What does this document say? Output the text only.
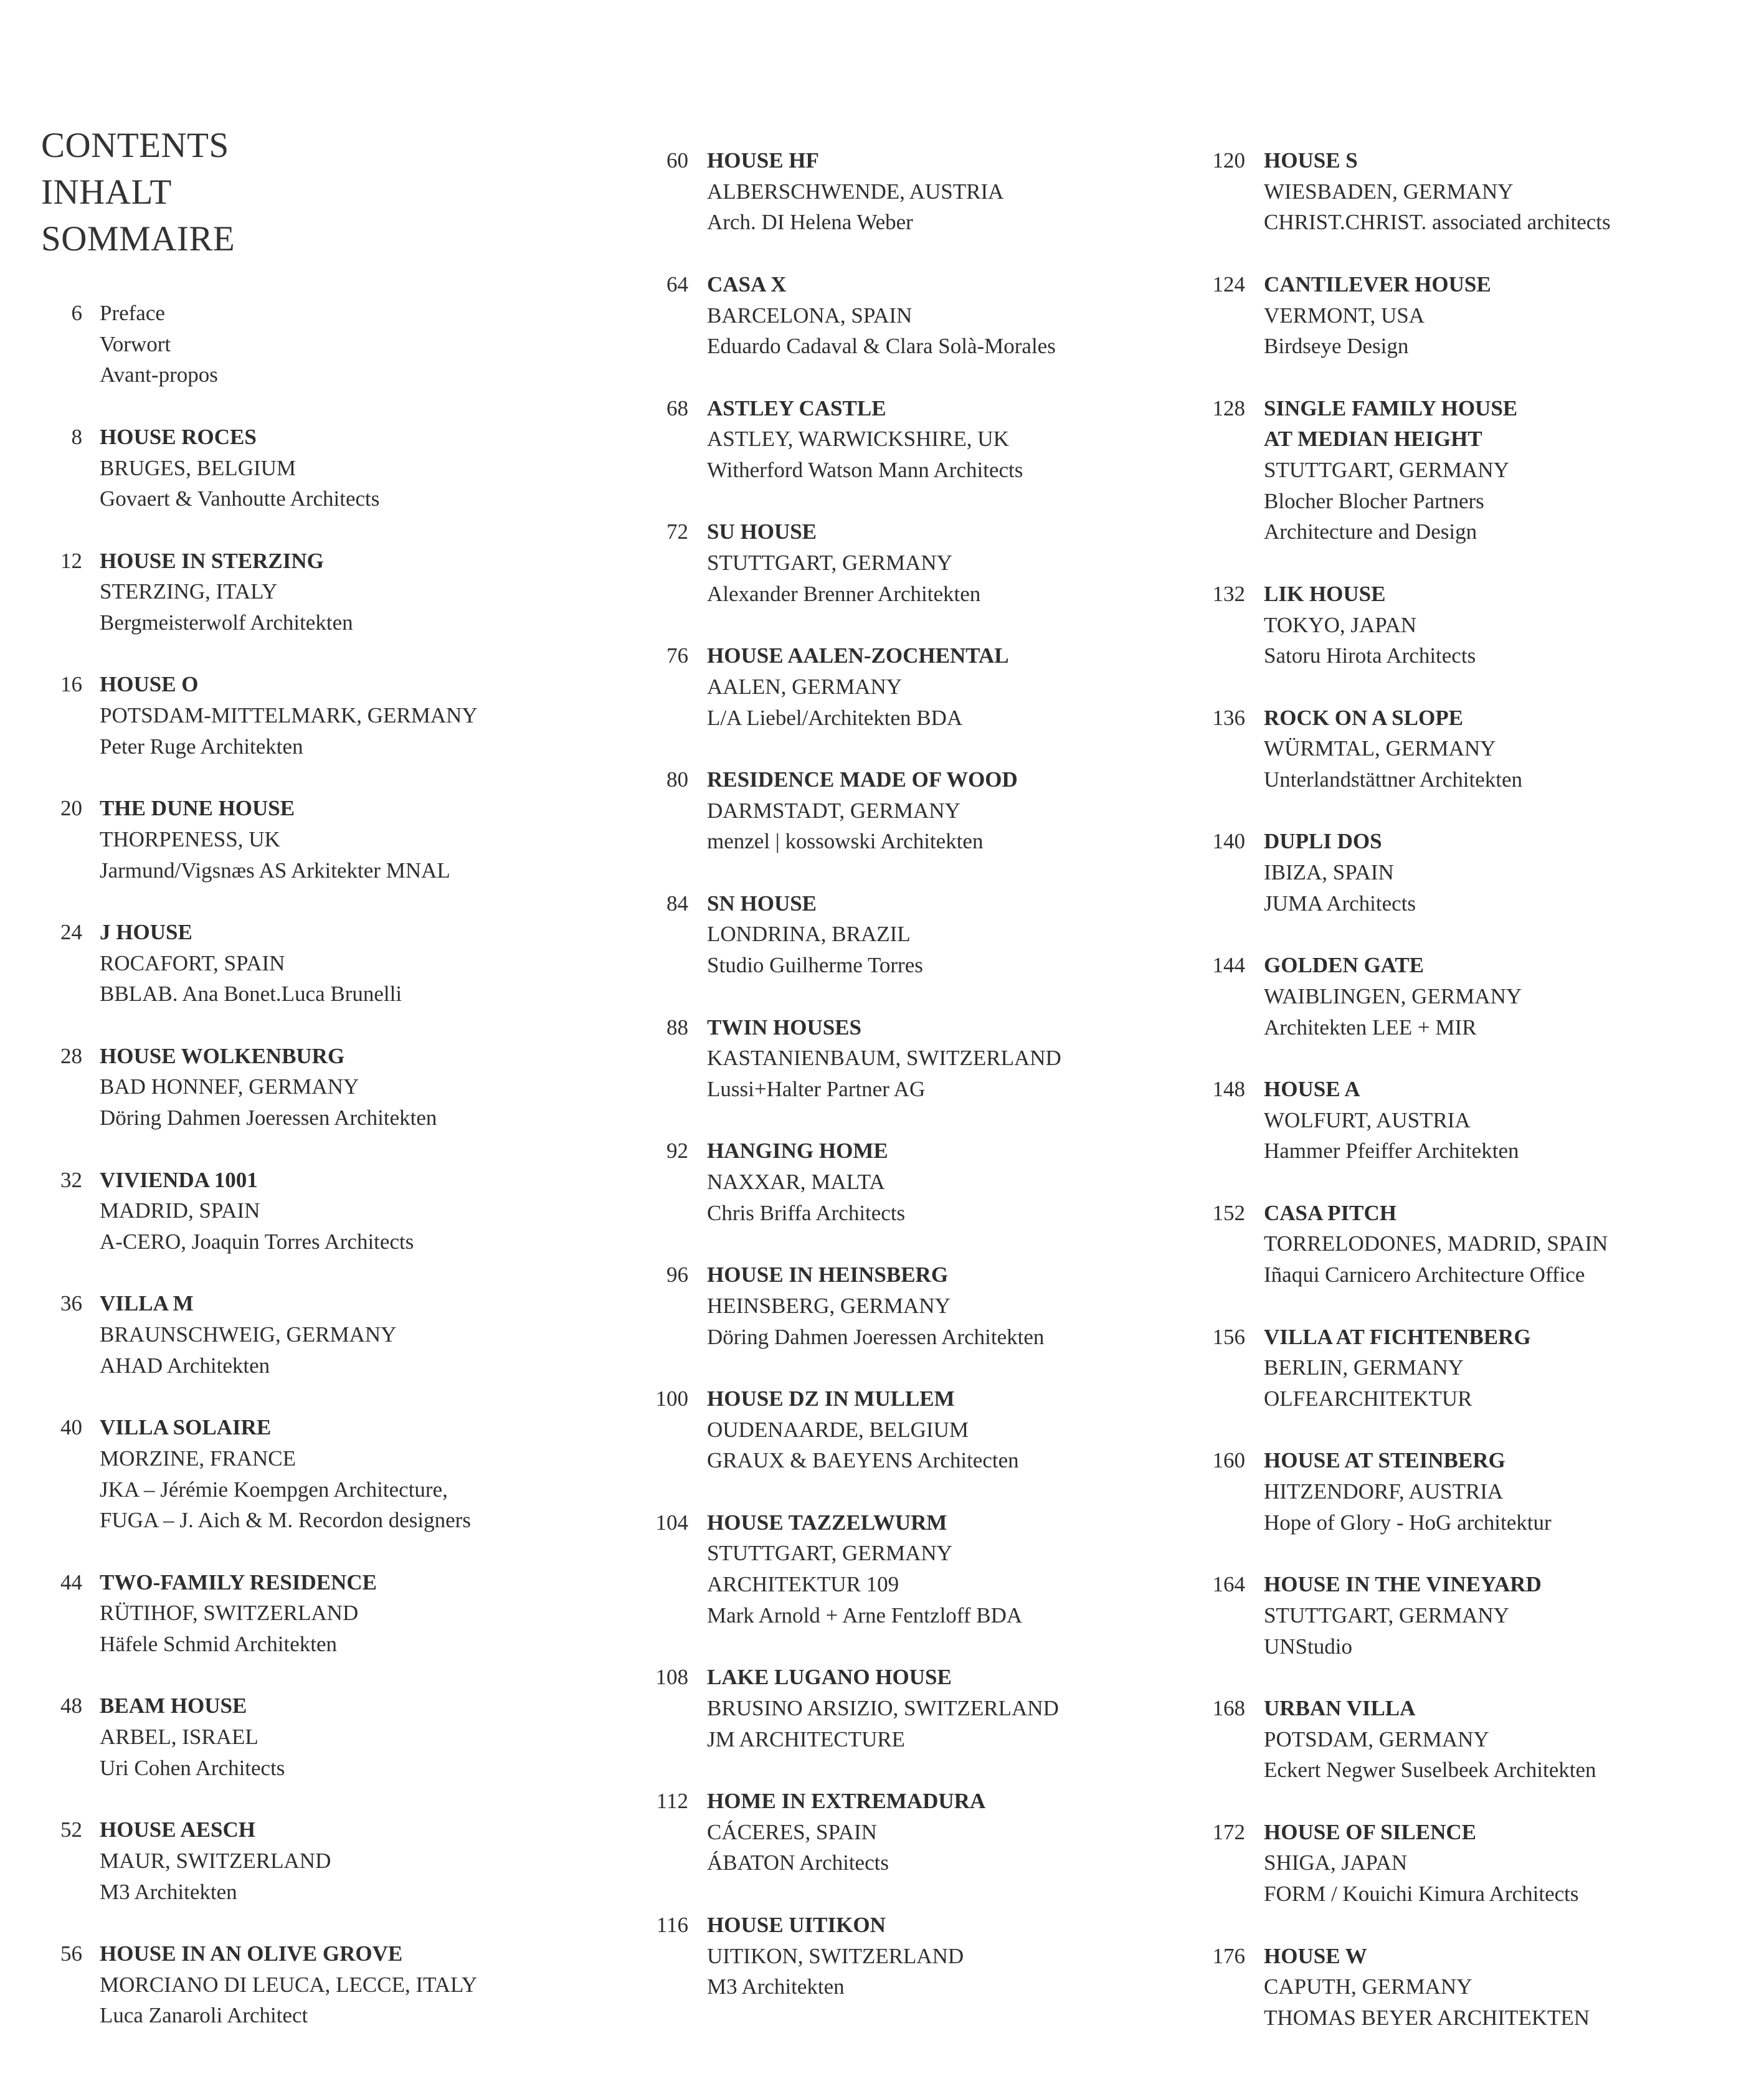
CONTENTS
INHALT
SOMMAIRE
6 Preface
Vorwort
Avant-propos
8 HOUSE ROCES
BRUGES, BELGIUM
Govaert & Vanhoutte Architects
12 HOUSE IN STERZING
STERZING, ITALY
Bergmeisterwolf Architekten
16 HOUSE O
POTSDAM-MITTELMARK, GERMANY
Peter Ruge Architekten
20 THE DUNE HOUSE
THORPENESS, UK
Jarmund/Vigsnæs AS Arkitekter MNAL
24 J HOUSE
ROCAFORT, SPAIN
BBLAB. Ana Bonet.Luca Brunelli
28 HOUSE WOLKENBURG
BAD HONNEF, GERMANY
Döring Dahmen Joeressen Architekten
32 VIVIENDA 1001
MADRID, SPAIN
A-CERO, Joaquin Torres Architects
36 VILLA M
BRAUNSCHWEIG, GERMANY
AHAD Architekten
40 VILLA SOLAIRE
MORZINE, FRANCE
JKA – Jérémie Koempgen Architecture,
FUGA – J. Aich & M. Recordon designers
44 TWO-FAMILY RESIDENCE
RÜTIHOF, SWITZERLAND
Häfele Schmid Architekten
48 BEAM HOUSE
ARBEL, ISRAEL
Uri Cohen Architects
52 HOUSE AESCH
MAUR, SWITZERLAND
M3 Architekten
56 HOUSE IN AN OLIVE GROVE
MORCIANO DI LEUCA, LECCE, ITALY
Luca Zanaroli Architect
60 HOUSE HF
ALBERSCHWENDE, AUSTRIA
Arch. DI Helena Weber
64 CASA X
BARCELONA, SPAIN
Eduardo Cadaval & Clara Solà-Morales
68 ASTLEY CASTLE
ASTLEY, WARWICKSHIRE, UK
Witherford Watson Mann Architects
72 SU HOUSE
STUTTGART, GERMANY
Alexander Brenner Architekten
76 HOUSE AALEN-ZOCHENTAL
AALEN, GERMANY
L/A Liebel/Architekten BDA
80 RESIDENCE MADE OF WOOD
DARMSTADT, GERMANY
menzel | kossowski Architekten
84 SN HOUSE
LONDRINA, BRAZIL
Studio Guilherme Torres
88 TWIN HOUSES
KASTANIENBAUM, SWITZERLAND
Lussi+Halter Partner AG
92 HANGING HOME
NAXXAR, MALTA
Chris Briffa Architects
96 HOUSE IN HEINSBERG
HEINSBERG, GERMANY
Döring Dahmen Joeressen Architekten
100 HOUSE DZ IN MULLEM
OUDENAARDE, BELGIUM
GRAUX & BAEYENS Architecten
104 HOUSE TAZZELWURM
STUTTGART, GERMANY
ARCHITEKTUR 109
Mark Arnold + Arne Fentzloff BDA
108 LAKE LUGANO HOUSE
BRUSINO ARSIZIO, SWITZERLAND
JM ARCHITECTURE
112 HOME IN EXTREMADURA
CÁCERES, SPAIN
ÁBATON Architects
116 HOUSE UITIKON
UITIKON, SWITZERLAND
M3 Architekten
120 HOUSE S
WIESBADEN, GERMANY
CHRIST.CHRIST. associated architects
124 CANTILEVER HOUSE
VERMONT, USA
Birdseye Design
128 SINGLE FAMILY HOUSE
AT MEDIAN HEIGHT
STUTTGART, GERMANY
Blocher Blocher Partners
Architecture and Design
132 LIK HOUSE
TOKYO, JAPAN
Satoru Hirota Architects
136 ROCK ON A SLOPE
WÜRMTAL, GERMANY
Unterlandstättner Architekten
140 DUPLI DOS
IBIZA, SPAIN
JUMA Architects
144 GOLDEN GATE
WAIBLINGEN, GERMANY
Architekten LEE + MIR
148 HOUSE A
WOLFURT, AUSTRIA
Hammer Pfeiffer Architekten
152 CASA PITCH
TORRELODONES, MADRID, SPAIN
Iñaqui Carnicero Architecture Office
156 VILLA AT FICHTENBERG
BERLIN, GERMANY
OLFEARCHITEKTUR
160 HOUSE AT STEINBERG
HITZENDORF, AUSTRIA
Hope of Glory - HoG architektur
164 HOUSE IN THE VINEYARD
STUTTGART, GERMANY
UNStudio
168 URBAN VILLA
POTSDAM, GERMANY
Eckert Negwer Suselbeek Architekten
172 HOUSE OF SILENCE
SHIGA, JAPAN
FORM / Kouichi Kimura Architects
176 HOUSE W
CAPUTH, GERMANY
THOMAS BEYER ARCHITEKTEN
